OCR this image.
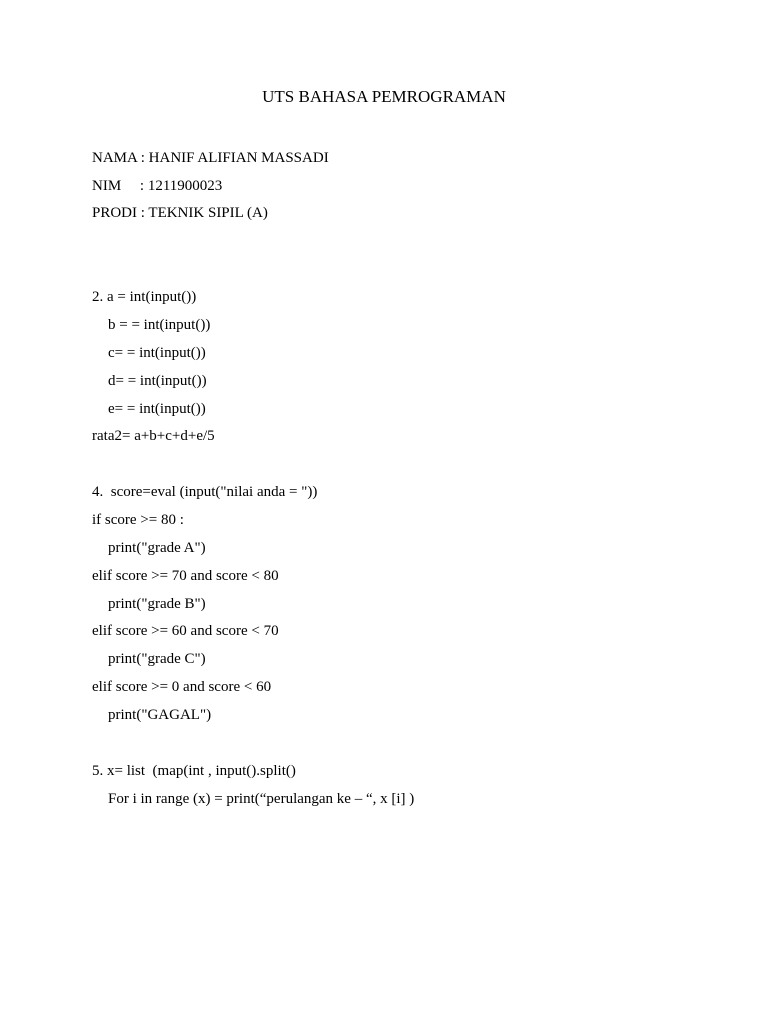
UTS BAHASA PEMROGRAMAN
NAMA : HANIF ALIFIAN MASSADI
NIM     : 1211900023
PRODI : TEKNIK SIPIL (A)
2. a = int(input())
b = = int(input())
c= = int(input())
d= = int(input())
e= = int(input())
rata2= a+b+c+d+e/5
4.  score=eval (input("nilai anda = "))
if score >= 80 :
print("grade A")
elif score >= 70 and score < 80
print("grade B")
elif score >= 60 and score < 70
print("grade C")
elif score >= 0 and score < 60
print("GAGAL")
5. x= list  (map(int , input().split()
For i in range (x) = print(“perulangan ke – “, x [i] )
